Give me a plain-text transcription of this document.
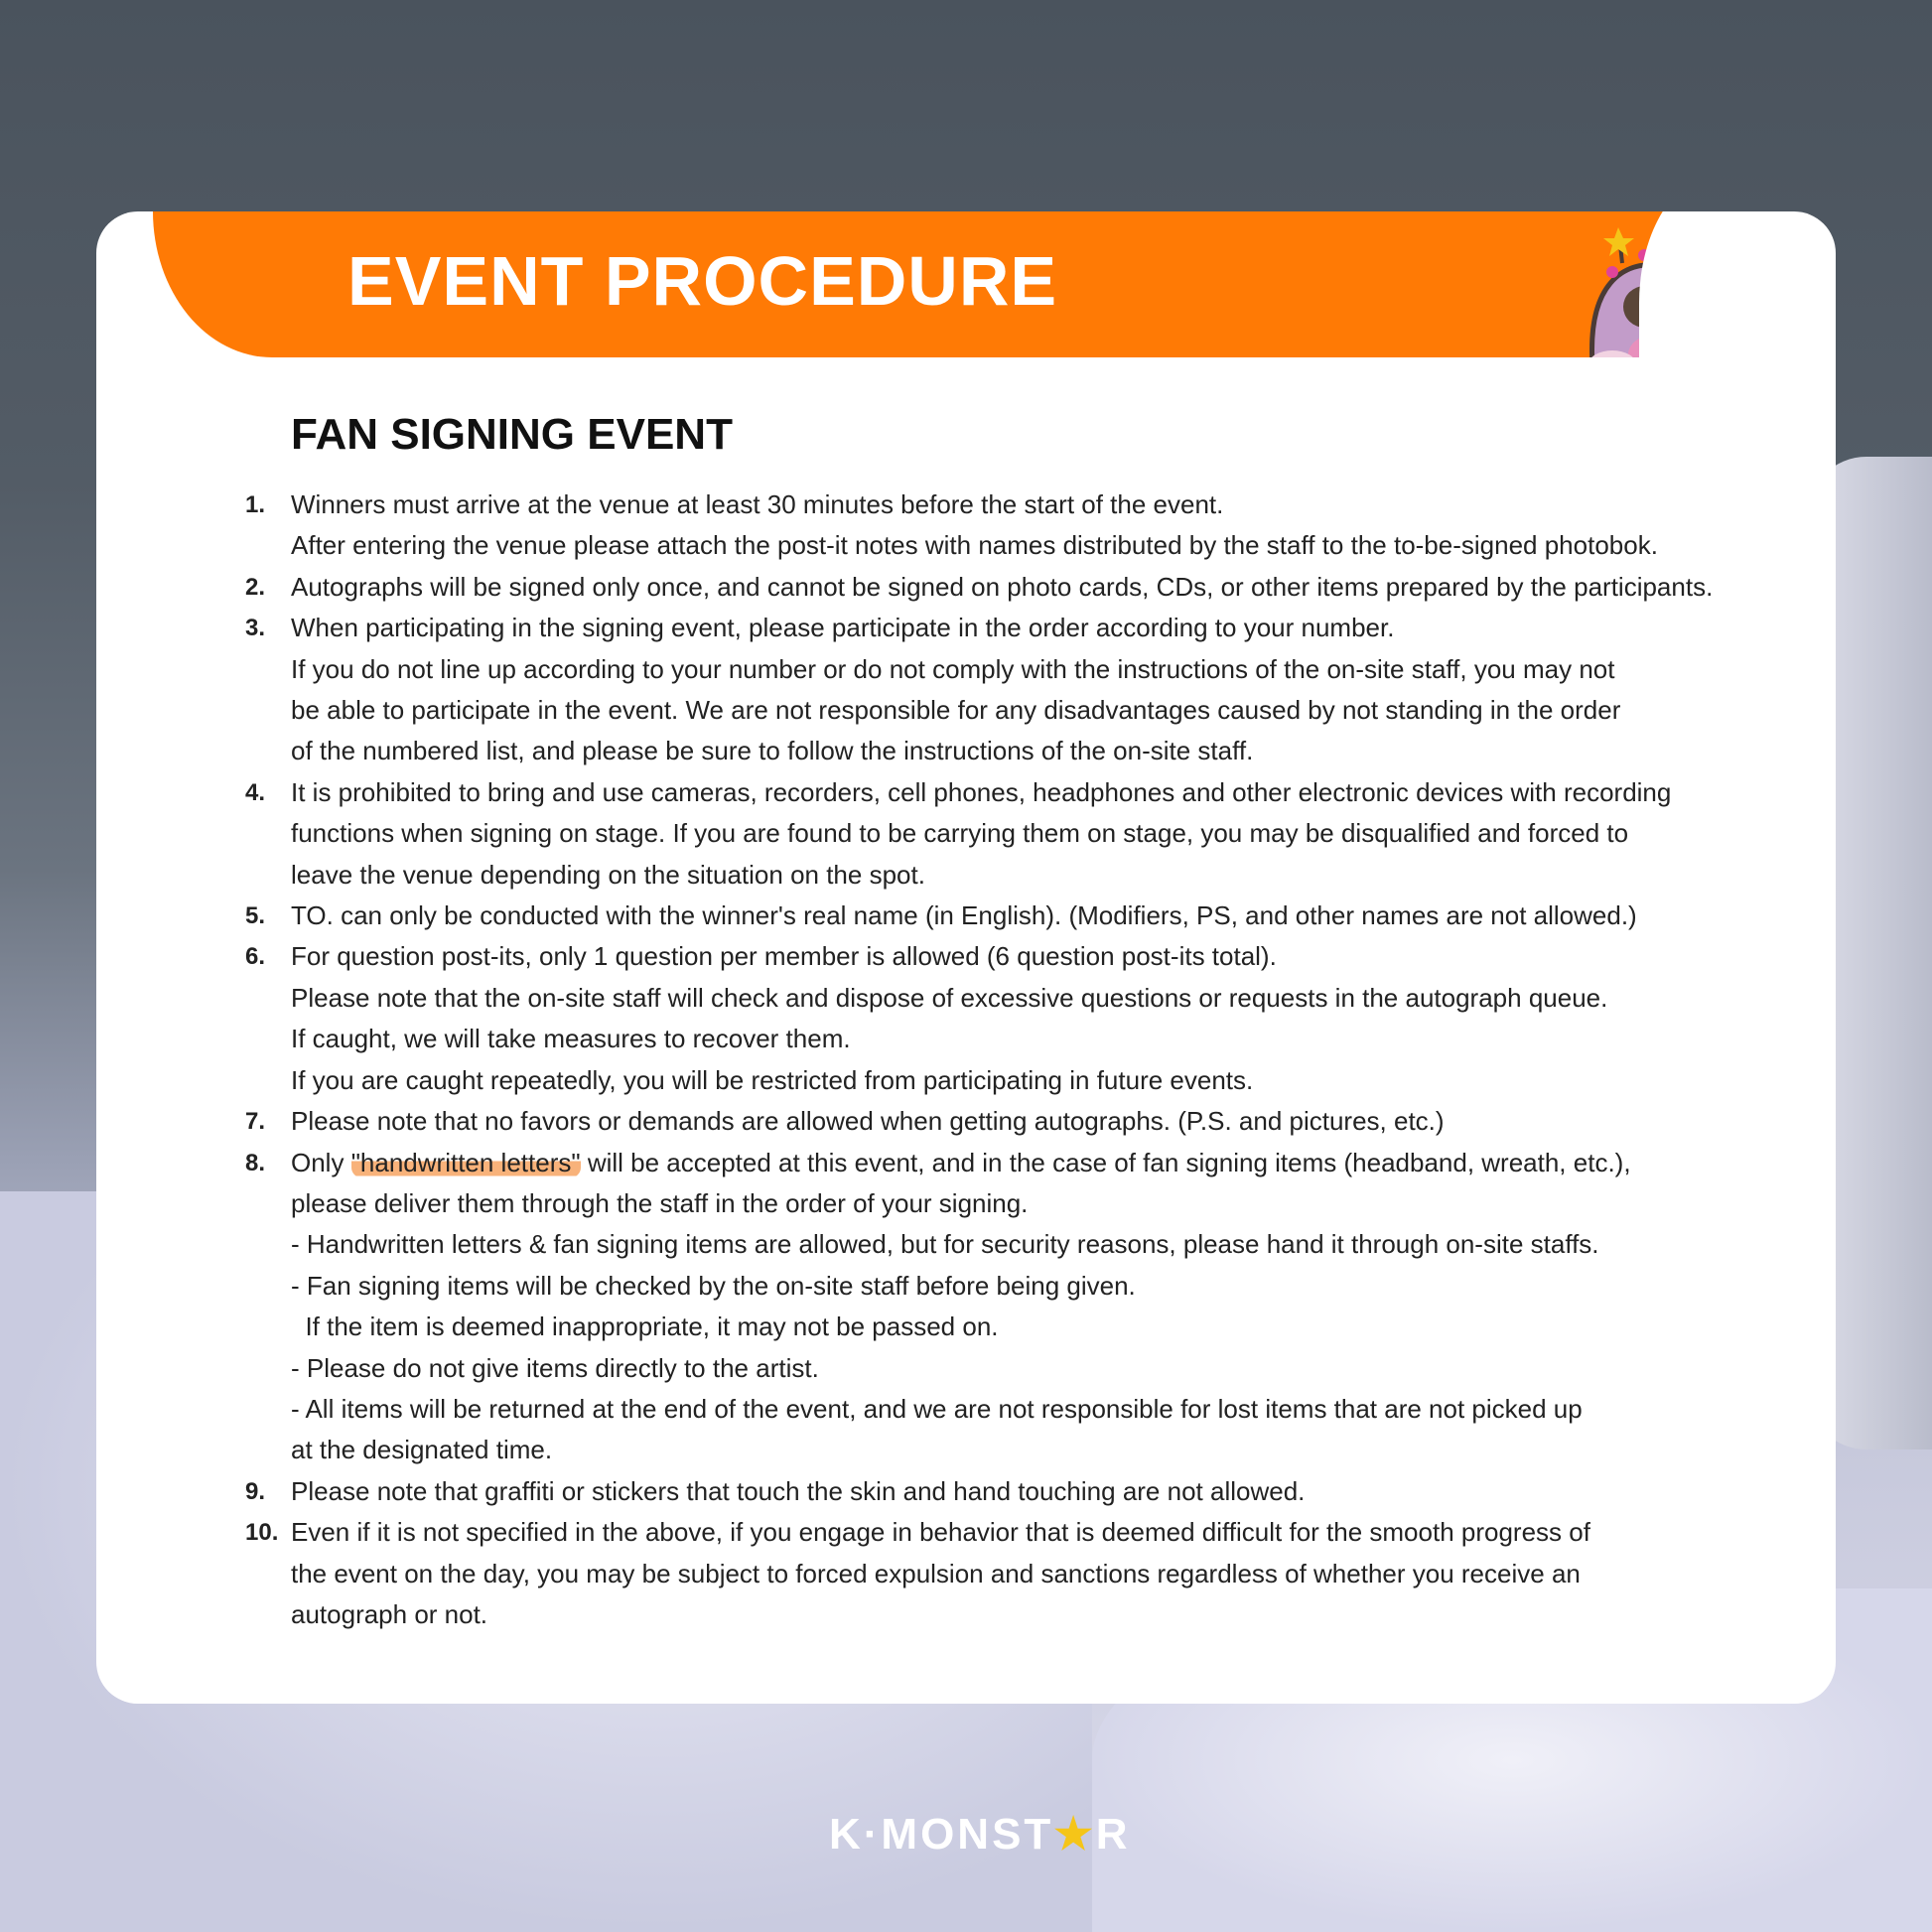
EVENT PROCEDURE
FAN SIGNING EVENT
1. Winners must arrive at the venue at least 30 minutes before the start of the event.
After entering the venue please attach the post-it notes with names distributed by the staff to the to-be-signed photobok.
2. Autographs will be signed only once, and cannot be signed on photo cards, CDs, or other items prepared by the participants.
3. When participating in the signing event, please participate in the order according to your number.
If you do not line up according to your number or do not comply with the instructions of the on-site staff, you may not
be able to participate in the event. We are not responsible for any disadvantages caused by not standing in the order
of the numbered list, and please be sure to follow the instructions of the on-site staff.
4. It is prohibited to bring and use cameras, recorders, cell phones, headphones and other electronic devices with recording
functions when signing on stage. If you are found to be carrying them on stage, you may be disqualified and forced to
leave the venue depending on the situation on the spot.
5. TO. can only be conducted with the winner's real name (in English). (Modifiers, PS, and other names are not allowed.)
6. For question post-its, only 1 question per member is allowed (6 question post-its total).
Please note that the on-site staff will check and dispose of excessive questions or requests in the autograph queue.
If caught, we will take measures to recover them.
If you are caught repeatedly, you will be restricted from participating in future events.
7. Please note that no favors or demands are allowed when getting autographs. (P.S. and pictures, etc.)
8. Only "handwritten letters" will be accepted at this event, and in the case of fan signing items (headband, wreath, etc.),
please deliver them through the staff in the order of your signing.
- Handwritten letters & fan signing items are allowed, but for security reasons, please hand it through on-site staffs.
- Fan signing items will be checked by the on-site staff before being given.
If the item is deemed inappropriate, it may not be passed on.
- Please do not give items directly to the artist.
- All items will be returned at the end of the event, and we are not responsible for lost items that are not picked up
at the designated time.
9. Please note that graffiti or stickers that touch the skin and hand touching are not allowed.
10. Even if it is not specified in the above, if you engage in behavior that is deemed difficult for the smooth progress of
the event on the day, you may be subject to forced expulsion and sanctions regardless of whether you receive an
autograph or not.
K·MONST★R
